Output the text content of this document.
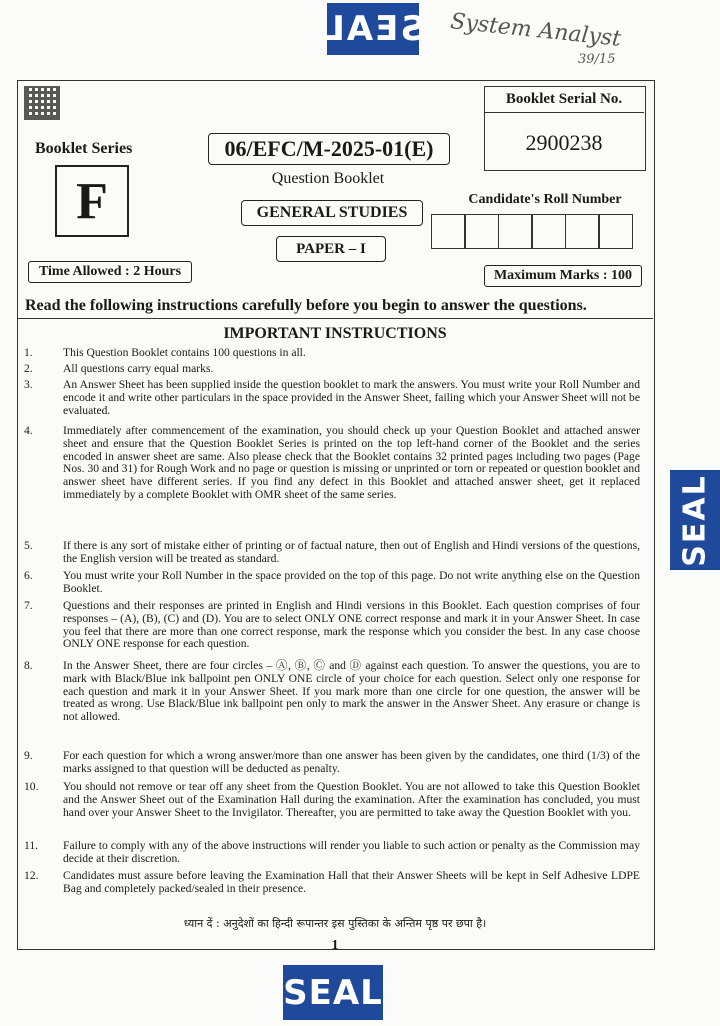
SEAL System Analyst
39/15
Booklet Serial No.
2900238
Booklet Series
F
06/EFC/M-2025-01(E)
Question Booklet
GENERAL STUDIES
PAPER – I
Candidate's Roll Number
Time Allowed : 2 Hours	Maximum Marks : 100
Read the following instructions carefully before you begin to answer the questions.
IMPORTANT INSTRUCTIONS
1.	This Question Booklet contains 100 questions in all.
2.	All questions carry equal marks.
3.	An Answer Sheet has been supplied inside the question booklet to mark the answers. You must write your Roll Number and encode it and write other particulars in the space provided in the Answer Sheet, failing which your Answer Sheet will not be evaluated.
4.	Immediately after commencement of the examination, you should check up your Question Booklet and attached answer sheet and ensure that the Question Booklet Series is printed on the top left-hand corner of the Booklet and the series encoded in answer sheet are same. Also please check that the Booklet contains 32 printed pages including two pages (Page Nos. 30 and 31) for Rough Work and no page or question is missing or unprinted or torn or repeated or question booklet and answer sheet have different series. If you find any defect in this Booklet and attached answer sheet, get it replaced immediately by a complete Booklet with OMR sheet of the same series.
5.	If there is any sort of mistake either of printing or of factual nature, then out of English and Hindi versions of the questions, the English version will be treated as standard.
6.	You must write your Roll Number in the space provided on the top of this page. Do not write anything else on the Question Booklet.
7.	Questions and their responses are printed in English and Hindi versions in this Booklet. Each question comprises of four responses – (A), (B), (C) and (D). You are to select ONLY ONE correct response and mark it in your Answer Sheet. In case you feel that there are more than one correct response, mark the response which you consider the best. In any case choose ONLY ONE response for each question.
8.	In the Answer Sheet, there are four circles – Ⓐ, Ⓑ, Ⓒ and Ⓓ against each question. To answer the questions, you are to mark with Black/Blue ink ballpoint pen ONLY ONE circle of your choice for each question. Select only one response for each question and mark it in your Answer Sheet. If you mark more than one circle for one question, the answer will be treated as wrong. Use Black/Blue ink ballpoint pen only to mark the answer in the Answer Sheet. Any erasure or change is not allowed.
9.	For each question for which a wrong answer/more than one answer has been given by the candidates, one third (1/3) of the marks assigned to that question will be deducted as penalty.
10.	You should not remove or tear off any sheet from the Question Booklet. You are not allowed to take this Question Booklet and the Answer Sheet out of the Examination Hall during the examination. After the examination has concluded, you must hand over your Answer Sheet to the Invigilator. Thereafter, you are permitted to take away the Question Booklet with you.
11.	Failure to comply with any of the above instructions will render you liable to such action or penalty as the Commission may decide at their discretion.
12.	Candidates must assure before leaving the Examination Hall that their Answer Sheets will be kept in Self Adhesive LDPE Bag and completely packed/sealed in their presence.
ध्यान दें : अनुदेशों का हिन्दी रूपान्तर इस पुस्तिका के अन्तिम पृष्ठ पर छपा है।
1
SEAL
SEAL
